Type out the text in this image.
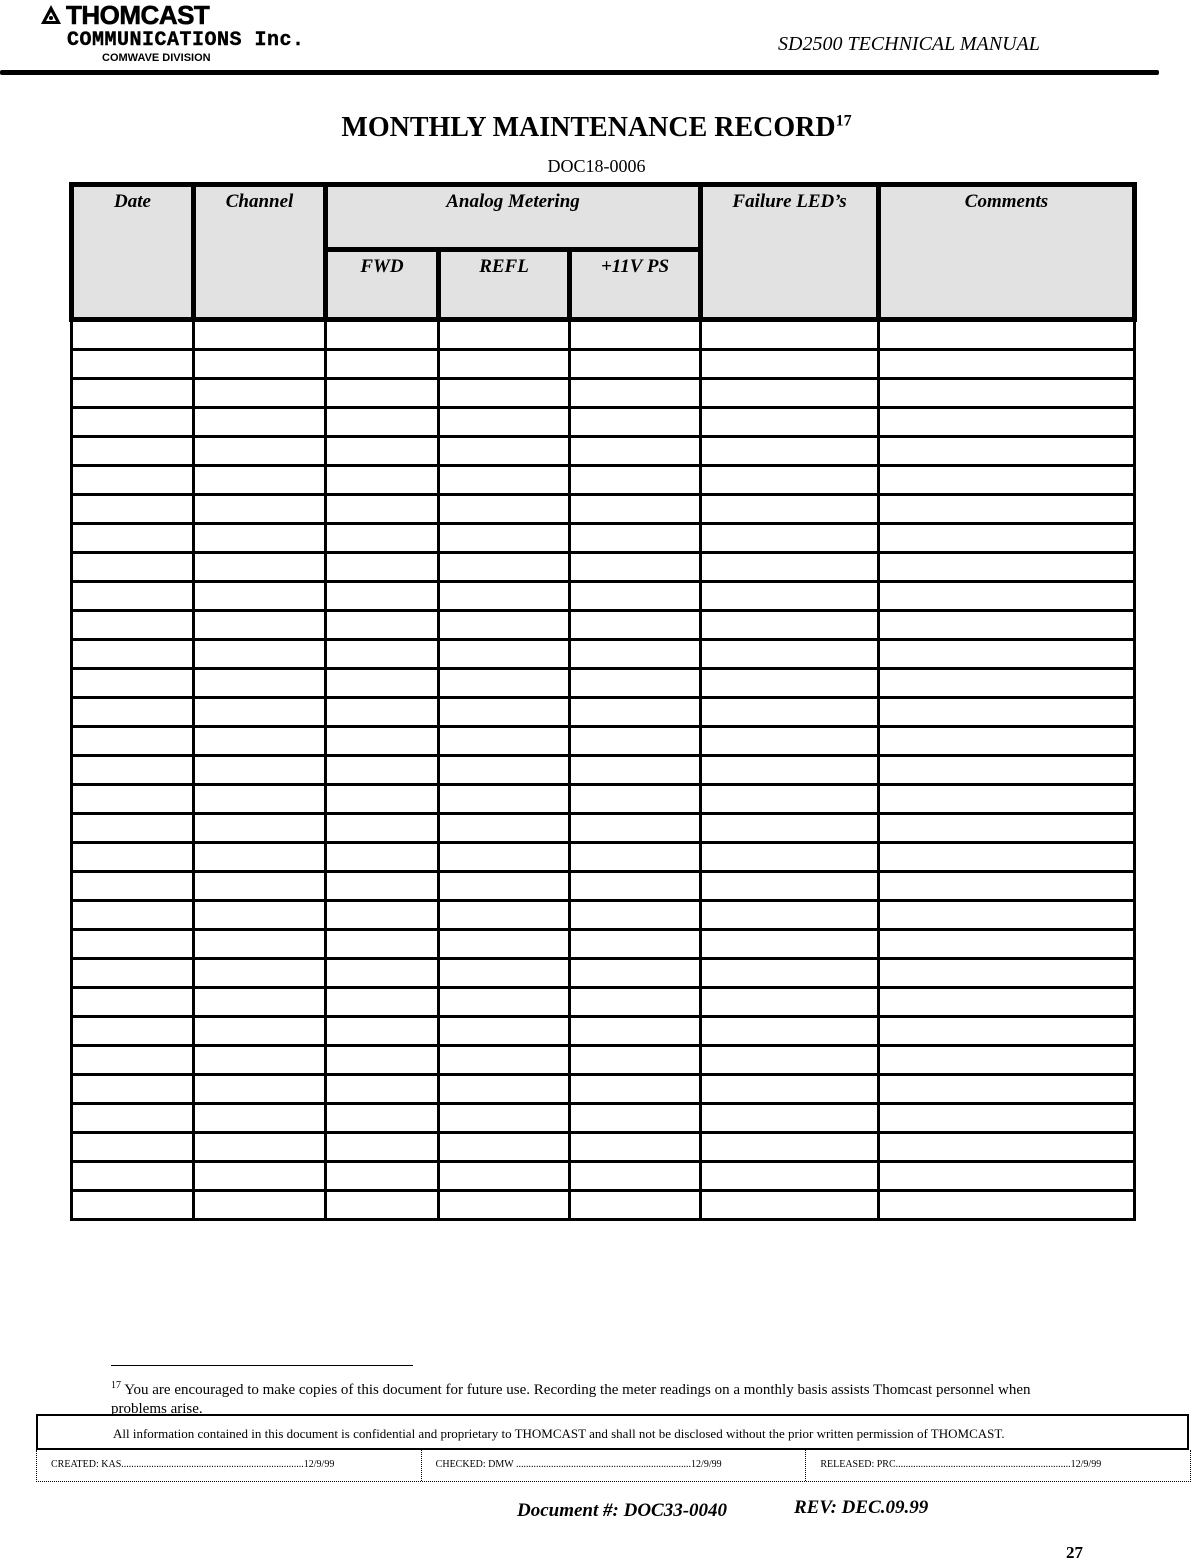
THOMCAST
COMMUNICATIONS Inc.
COMWAVE DIVISION
SD2500 TECHNICAL MANUAL
MONTHLY MAINTENANCE RECORD$^{17}$
DOC18-0006
Date	Channel	Analog Metering			Failure LED’s	Comments

		FWD	REFL	+11V PS		

$^{17}$ You are encouraged to make copies of this document for future use. Recording the meter readings on a monthly basis assists Thomcast personnel when problems arise.
All information contained in this document is confidential and proprietary to THOMCAST and shall not be disclosed without the prior written permission of THOMCAST.
CREATED: KAS.........................................................................12/9/99	CHECKED: DMW ......................................................................12/9/99	RELEASED: PRC......................................................................12/9/99
Document #: DOC33-0040	REV: DEC.09.99
27
